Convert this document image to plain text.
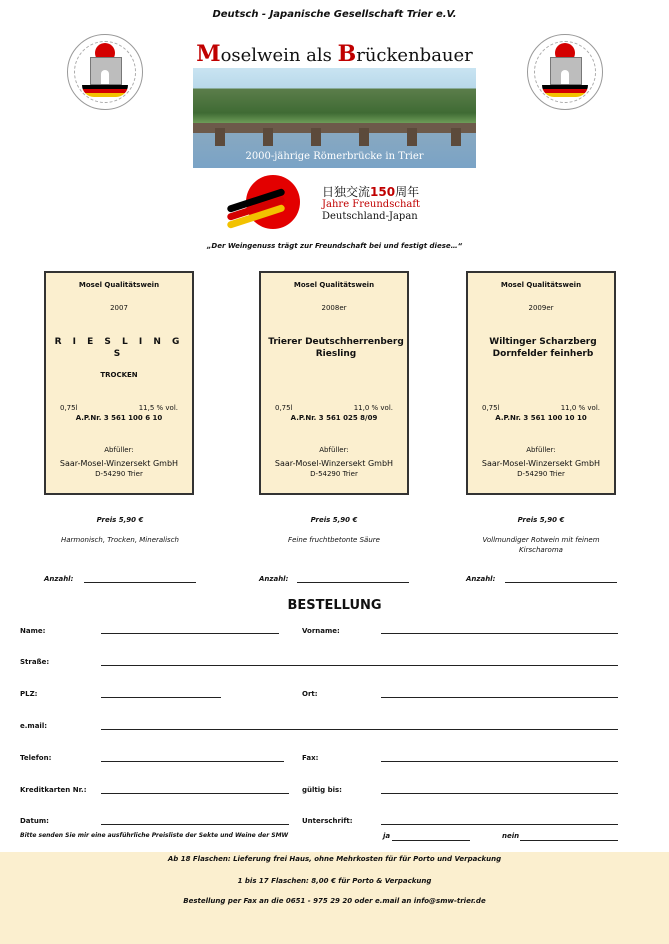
Deutsch - Japanische Gesellschaft Trier e.V.
Moselwein als Brückenbauer
2000-jährige Römerbrücke in Trier
日独交流150周年
Jahre Freundschaft
Deutschland-Japan
„Der Weingenuss trägt zur Freundschaft bei und festigt diese…“
Mosel Qualitätswein
2007
R I E S L I N G S
TROCKEN
0,75l	11,5 % vol.
A.P.Nr. 3 561 100 6 10
Abfüller:
Saar-Mosel-Winzersekt GmbH
D-54290 Trier
Mosel Qualitätswein
2008er
Trierer Deutschherrenberg Riesling
0,75l	11,0 % vol.
A.P.Nr. 3 561 025 8/09
Abfüller:
Saar-Mosel-Winzersekt GmbH
D-54290 Trier
Mosel Qualitätswein
2009er
Wiltinger Scharzberg Dornfelder feinherb
0,75l	11,0 % vol.
A.P.Nr. 3 561 100 10 10
Abfüller:
Saar-Mosel-Winzersekt GmbH
D-54290 Trier
Preis 5,90 €	Preis 5,90 €	Preis 5,90 €
Harmonisch, Trocken, Mineralisch	Feine fruchtbetonte Säure	Vollmundiger Rotwein mit feinem Kirscharoma
Anzahl:	Anzahl:	Anzahl:
BESTELLUNG
Name:	Vorname:
Straße:
PLZ:	Ort:
e.mail:
Telefon:	Fax:
Kreditkarten Nr.:	gültig bis:
Datum:	Unterschrift:
Bitte senden Sie mir eine ausführliche Preisliste der Sekte und Weine der SMW	ja	nein
Ab 18 Flaschen: Lieferung frei Haus, ohne Mehrkosten für für Porto und Verpackung
1 bis 17 Flaschen: 8,00 € für Porto & Verpackung
Bestellung per Fax an die 0651 - 975 29 20 oder e.mail an info@smw-trier.de
